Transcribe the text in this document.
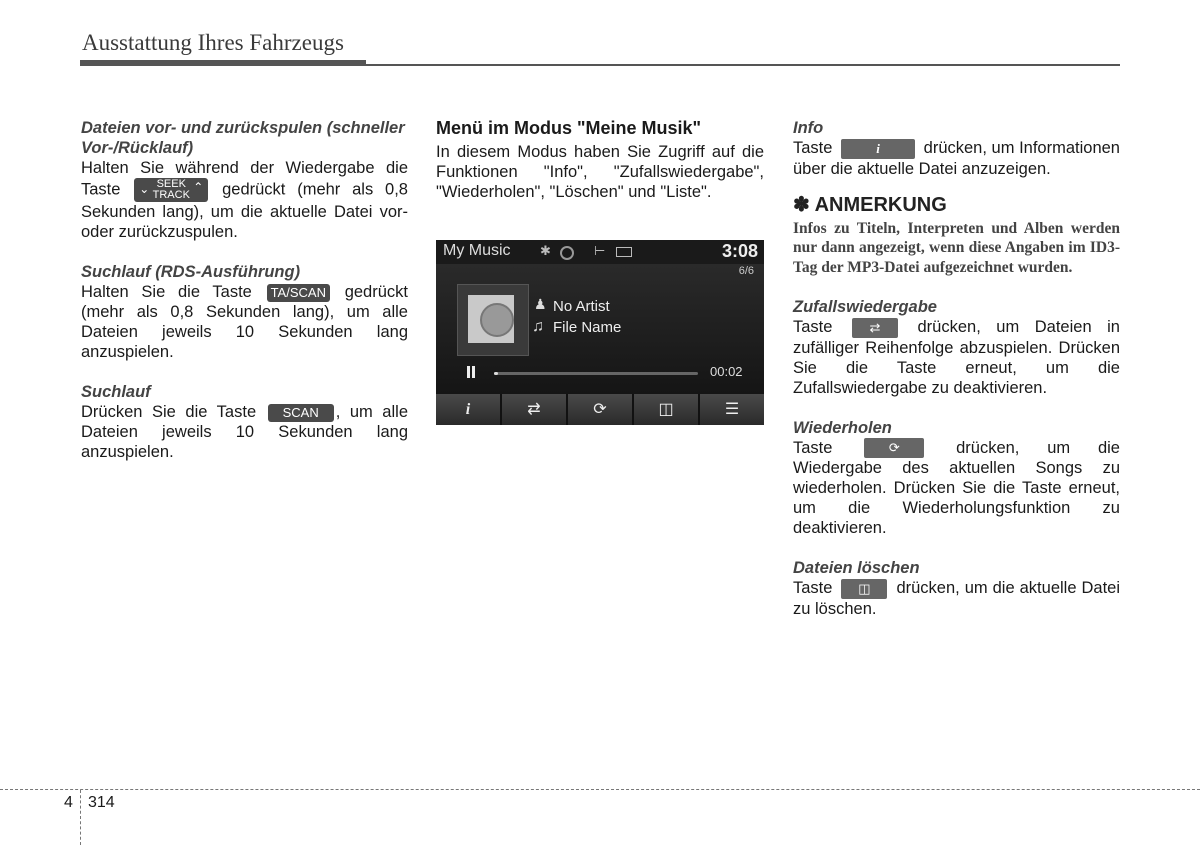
Ausstattung Ihres Fahrzeugs

Dateien vor- und zurückspulen (schneller Vor-/Rücklauf)

Halten Sie während der Wiedergabe die Taste ⌄ SEEK
TRACK
⌃ gedrückt (mehr als 0,8 Sekunden lang), um die aktuelle Datei vor- oder zurückzuspulen.

Suchlauf (RDS-Ausführung)

Halten Sie die Taste TA/SCAN gedrückt (mehr als 0,8 Sekunden lang), um alle Dateien jeweils 10 Sekunden lang anzuspielen.

Suchlauf

Drücken Sie die Taste SCAN , um alle Dateien jeweils 10 Sekunden lang anzuspielen.

Menü im Modus "Meine Musik"

In diesem Modus haben Sie Zugriff auf die Funktionen "Info", "Zufallswiedergabe", "Wiederholen", "Löschen" und "Liste".

My Music ✱	⊢	3:08
♟ No Artist
♫ File Name
00:02
6/6
i	⇄	⟳	◫	☰

Info

Taste	i	drücken, um Informationen über die aktuelle Datei anzuzeigen.

✽ ANMERKUNG

Infos zu Titeln, Interpreten und Alben werden nur dann angezeigt, wenn diese Angaben im ID3-Tag der MP3-Datei aufgezeichnet wurden.

Zufallswiedergabe

Taste	⇄	drücken, um Dateien in zufälliger Reihenfolge abzuspielen. Drücken Sie die Taste erneut, um die Zufallswiedergabe zu deaktivieren.

Wiederholen

Taste	⟳	drücken, um die Wiedergabe des aktuellen Songs zu wiederholen. Drücken Sie die Taste erneut, um die Wiederholungsfunktion zu deaktivieren.

Dateien löschen

Taste	◫	drücken, um die aktuelle Datei zu löschen.

4 314
